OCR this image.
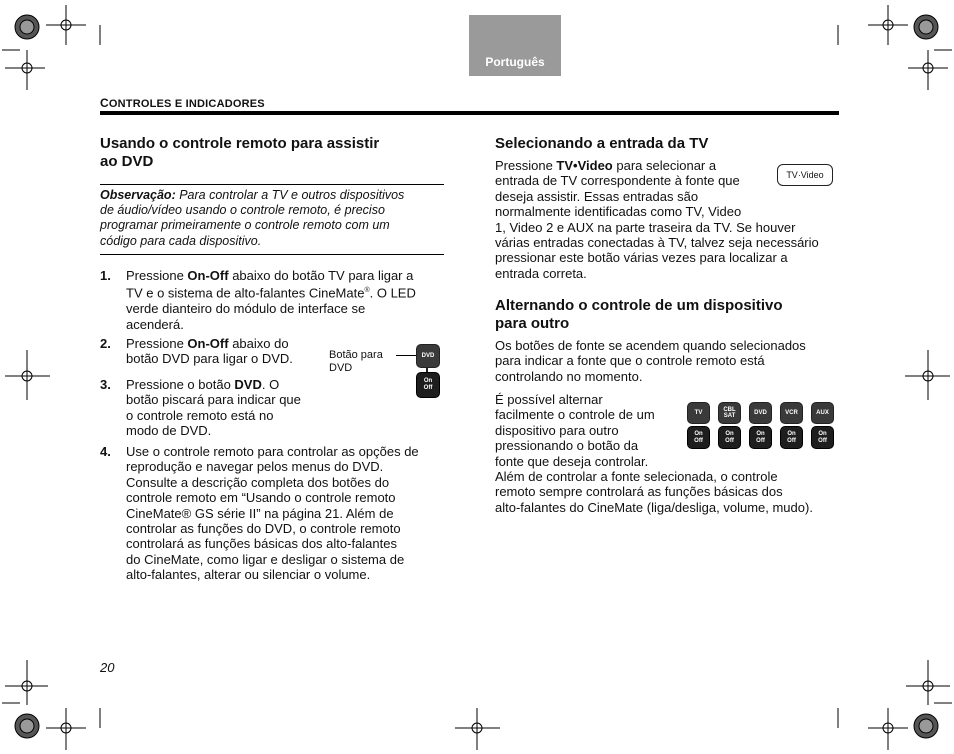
Português
CONTROLES E INDICADORES
Usando o controle remoto para assistir
ao DVD
Observação: Para controlar a TV e outros dispositivos
de áudio/vídeo usando o controle remoto, é preciso
programar primeiramente o controle remoto com um
código para cada dispositivo.
1. Pressione On-Off abaixo do botão TV para ligar a
TV e o sistema de alto-falantes CineMate®. O LED
verde dianteiro do módulo de interface se
acenderá.
2. Pressione On-Off abaixo do
botão DVD para ligar o DVD.
3. Pressione o botão DVD. O
botão piscará para indicar que
o controle remoto está no
modo de DVD.
Botão para
DVD
DVD
On
Off
4. Use o controle remoto para controlar as opções de
reprodução e navegar pelos menus do DVD.
Consulte a descrição completa dos botões do
controle remoto em “Usando o controle remoto
CineMate® GS série II” na página 21. Além de
controlar as funções do DVD, o controle remoto
controlará as funções básicas dos alto-falantes
do CineMate, como ligar e desligar o sistema de
alto-falantes, alterar ou silenciar o volume.
Selecionando a entrada da TV
Pressione TV•Video para selecionar a
entrada de TV correspondente à fonte que
deseja assistir. Essas entradas são
normalmente identificadas como TV, Video
1, Video 2 e AUX na parte traseira da TV. Se houver
várias entradas conectadas à TV, talvez seja necessário
pressionar este botão várias vezes para localizar a
entrada correta.
TV·Video
Alternando o controle de um dispositivo
para outro
Os botões de fonte se acendem quando selecionados
para indicar a fonte que o controle remoto está
controlando no momento.
É possível alternar
facilmente o controle de um
dispositivo para outro
pressionando o botão da
fonte que deseja controlar.
Além de controlar a fonte selecionada, o controle
remoto sempre controlará as funções básicas dos
alto-falantes do CineMate (liga/desliga, volume, mudo).
TV	CBL SAT	DVD	VCR	AUX
On
Off
On
Off
On
Off
On
Off
On
Off
20
